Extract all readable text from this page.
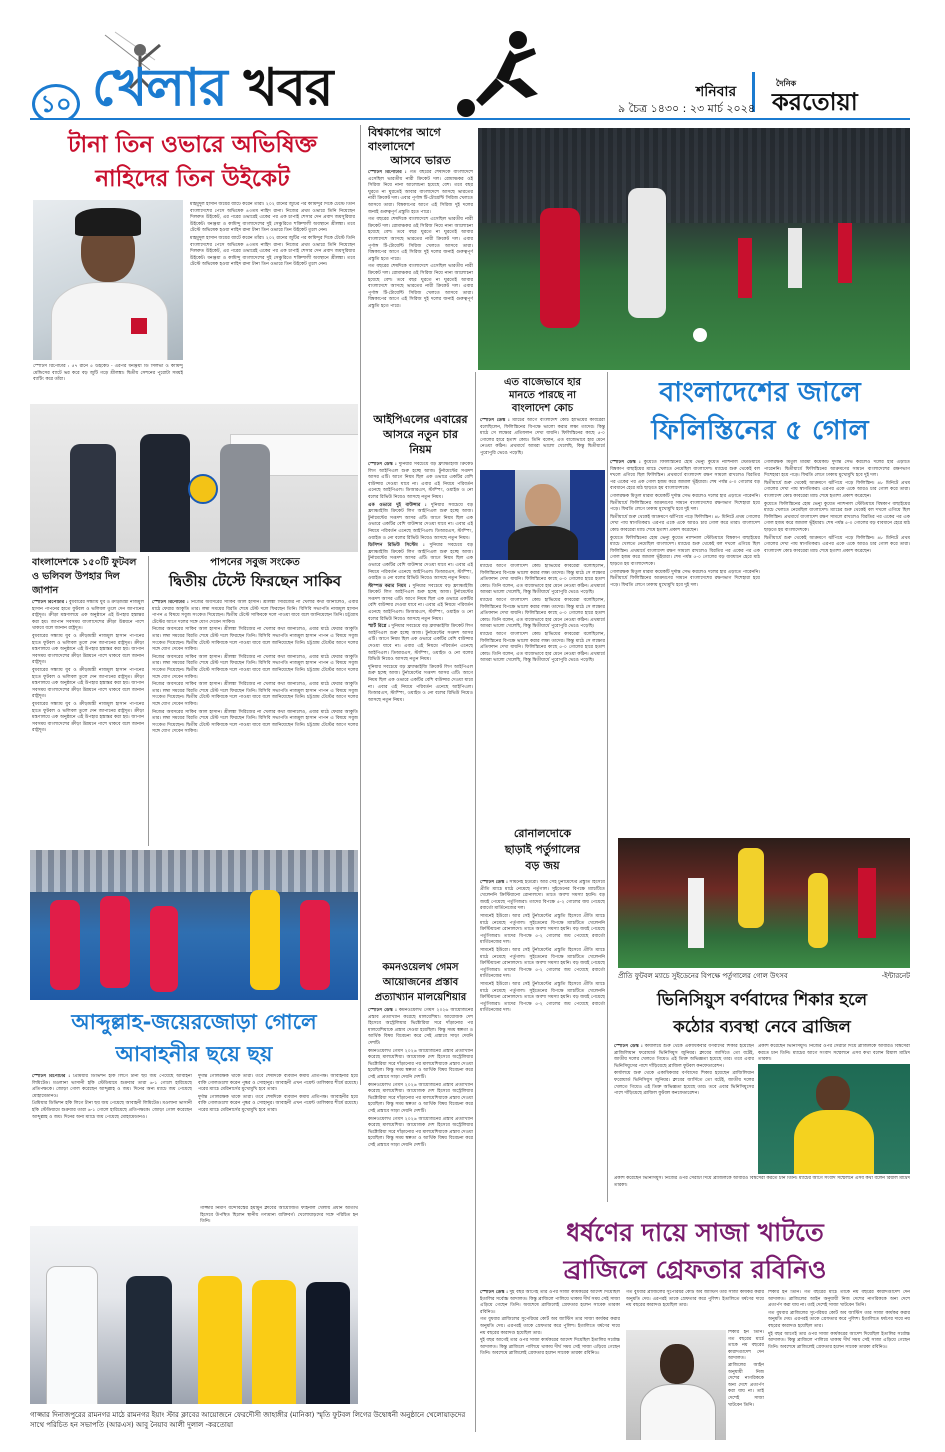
১০ খেলার খবর	শনিবার
৯ চৈত্র ১৪৩০ : ২৩ মার্চ ২০২৪
দৈনিক
করতোয়া
টানা তিন ওভারে অভিষিক্ত
নাহিদের তিন উইকেট

মাহমুদুল হাসান জয়ের ব্যাটে করেন তাঁরা। ২০২ রানের জুটির পর কামিন্দুর দিকে টেস্টে তিনি বাংলাদেশের পেসে অভিষেক ৪৩তম নাহিদ রানা। নিজের প্রথম ওভারে তিনি নিয়েছেন দিলরুত উইকেট, এর পরের ওভারেই একের পর এক চাপাই শেসার দেন প্রবাদ জয়সুরিয়ার উইকেট। ধনঞ্জয়া ও কামিন্দু বাংলাদেশের দুই সেঞ্চুরিতে শক্তিশালী অবস্থানে শ্রীলঙ্কা। তবে টেস্টে অভিষেক হওয়া নাহিদ রানা টানা তিন ওভারে তিন উইকেট তুলে নেন।

মাহমুদুল হাসান জয়ের ব্যাটে করেন তাঁরা। ২০২ রানের জুটির পর কামিন্দুর দিকে টেস্টে তিনি বাংলাদেশের পেসে অভিষেক ৪৩তম নাহিদ রানা। নিজের প্রথম ওভারে তিনি নিয়েছেন দিলরুত উইকেট, এর পরের ওভারেই একের পর এক চাপাই শেসার দেন প্রবাদ জয়সুরিয়ার উইকেট। ধনঞ্জয়া ও কামিন্দু বাংলাদেশের দুই সেঞ্চুরিতে শক্তিশালী অবস্থানে শ্রীলঙ্কা। তবে টেস্টে অভিষেক হওয়া নাহিদ রানা টানা তিন ওভারে তিন উইকেট তুলে নেন।

স্পোর্টস রিপোর্টার : ৫৭ রানে ৫ উইকেট - এরপর ধনঞ্জয়া ডি সিলভা ও কামিন্দু মেন্ডিসের ব্যাটে ভর করে বড় জুটি গড়ে শ্রীলঙ্কা। দ্বিতীয় সেশনের পুরোটা সময়ই ব্যাটিং করে তাঁরা।

বিশ্বকাপের আগে
বাংলাদেশে
আসবে ভারত

স্পোর্টস রিপোর্টার : গত বছরের শেষদিকে বাংলাদেশে এসেছিল ভারতীয় নারী ক্রিকেট দল। রোমাঞ্চকর ওই সিরিজ নিয়ে নানা আলোচনা হয়েছে বেশ। তবে বছর ঘুরতে না ঘুরতেই আবার বাংলাদেশে আসছে ভারতের নারী ক্রিকেট দল। এবার পূর্ণাঙ্গ টি-টোয়েন্টি সিরিজ খেলতে আসবে তারা। বিশ্বকাপের আগে এই সিরিজ দুই দলের জন্যই গুরুত্বপূর্ণ প্রস্তুতি হতে পারে।

গত বছরের শেষদিকে বাংলাদেশে এসেছিল ভারতীয় নারী ক্রিকেট দল। রোমাঞ্চকর ওই সিরিজ নিয়ে নানা আলোচনা হয়েছে বেশ। তবে বছর ঘুরতে না ঘুরতেই আবার বাংলাদেশে আসছে ভারতের নারী ক্রিকেট দল। এবার পূর্ণাঙ্গ টি-টোয়েন্টি সিরিজ খেলতে আসবে তারা। বিশ্বকাপের আগে এই সিরিজ দুই দলের জন্যই গুরুত্বপূর্ণ প্রস্তুতি হতে পারে।

গত বছরের শেষদিকে বাংলাদেশে এসেছিল ভারতীয় নারী ক্রিকেট দল। রোমাঞ্চকর ওই সিরিজ নিয়ে নানা আলোচনা হয়েছে বেশ। তবে বছর ঘুরতে না ঘুরতেই আবার বাংলাদেশে আসছে ভারতের নারী ক্রিকেট দল। এবার পূর্ণাঙ্গ টি-টোয়েন্টি সিরিজ খেলতে আসবে তারা। বিশ্বকাপের আগে এই সিরিজ দুই দলের জন্যই গুরুত্বপূর্ণ প্রস্তুতি হতে পারে।

আইপিএলের এবারের
আসরে নতুন চার
নিয়ম

স্পোর্টস ডেস্ক : দুনিয়ার সবচেয়ে বড় ফ্র্যাঞ্চাইজি ক্রিকেট লিগ আইপিএল শুরু হচ্ছে আজ। টুর্নামেন্টের সপ্তদশ আসর এটি। আগে নিয়ম ছিল এক ওভারে একটির বেশি বাউন্সার দেওয়া যাবে না। এবার এই নিয়মে পরিবর্তন এনেছে আইপিএল। ডিআরএস, স্টাম্পিং, ওয়াইড ও নো বলের রিভিউ নিয়েও আসছে নতুন নিয়ম।

এক ওভারে দুই বাউন্সার : দুনিয়ার সবচেয়ে বড় ফ্র্যাঞ্চাইজি ক্রিকেট লিগ আইপিএল শুরু হচ্ছে আজ। টুর্নামেন্টের সপ্তদশ আসর এটি। আগে নিয়ম ছিল এক ওভারে একটির বেশি বাউন্সার দেওয়া যাবে না। এবার এই নিয়মে পরিবর্তন এনেছে আইপিএল। ডিআরএস, স্টাম্পিং, ওয়াইড ও নো বলের রিভিউ নিয়েও আসছে নতুন নিয়ম।

ডিসিশন রিভিউ সিস্টেম : দুনিয়ার সবচেয়ে বড় ফ্র্যাঞ্চাইজি ক্রিকেট লিগ আইপিএল শুরু হচ্ছে আজ। টুর্নামেন্টের সপ্তদশ আসর এটি। আগে নিয়ম ছিল এক ওভারে একটির বেশি বাউন্সার দেওয়া যাবে না। এবার এই নিয়মে পরিবর্তন এনেছে আইপিএল। ডিআরএস, স্টাম্পিং, ওয়াইড ও নো বলের রিভিউ নিয়েও আসছে নতুন নিয়ম।

স্টাম্পড করার নিয়ম : দুনিয়ার সবচেয়ে বড় ফ্র্যাঞ্চাইজি ক্রিকেট লিগ আইপিএল শুরু হচ্ছে আজ। টুর্নামেন্টের সপ্তদশ আসর এটি। আগে নিয়ম ছিল এক ওভারে একটির বেশি বাউন্সার দেওয়া যাবে না। এবার এই নিয়মে পরিবর্তন এনেছে আইপিএল। ডিআরএস, স্টাম্পিং, ওয়াইড ও নো বলের রিভিউ নিয়েও আসছে নতুন নিয়ম।

স্মার্ট রিপ্লে : দুনিয়ার সবচেয়ে বড় ফ্র্যাঞ্চাইজি ক্রিকেট লিগ আইপিএল শুরু হচ্ছে আজ। টুর্নামেন্টের সপ্তদশ আসর এটি। আগে নিয়ম ছিল এক ওভারে একটির বেশি বাউন্সার দেওয়া যাবে না। এবার এই নিয়মে পরিবর্তন এনেছে আইপিএল। ডিআরএস, স্টাম্পিং, ওয়াইড ও নো বলের রিভিউ নিয়েও আসছে নতুন নিয়ম।

দুনিয়ার সবচেয়ে বড় ফ্র্যাঞ্চাইজি ক্রিকেট লিগ আইপিএল শুরু হচ্ছে আজ। টুর্নামেন্টের সপ্তদশ আসর এটি। আগে নিয়ম ছিল এক ওভারে একটির বেশি বাউন্সার দেওয়া যাবে না। এবার এই নিয়মে পরিবর্তন এনেছে আইপিএল। ডিআরএস, স্টাম্পিং, ওয়াইড ও নো বলের রিভিউ নিয়েও আসছে নতুন নিয়ম।

কমনওয়েলথ গেমস
আয়োজনের প্রস্তাব
প্রত্যাখ্যান মালয়েশিয়ার

স্পোর্টস ডেস্ক : কমনওয়েলথ গেমস ২০২৬ আয়োজনের প্রস্তাব প্রত্যাখ্যান করেছে মালয়েশিয়া। আয়োজক দেশ হিসেবে অস্ট্রেলিয়ার ভিক্টোরিয়া সরে দাঁড়ানোর পর মালয়েশিয়াকে প্রস্তাব দেওয়া হয়েছিল। কিন্তু সময় স্বল্পতা ও আর্থিক বিষয় বিবেচনা করে সেই প্রস্তাবে সাড়া দেয়নি দেশটি।

কমনওয়েলথ গেমস ২০২৬ আয়োজনের প্রস্তাব প্রত্যাখ্যান করেছে মালয়েশিয়া। আয়োজক দেশ হিসেবে অস্ট্রেলিয়ার ভিক্টোরিয়া সরে দাঁড়ানোর পর মালয়েশিয়াকে প্রস্তাব দেওয়া হয়েছিল। কিন্তু সময় স্বল্পতা ও আর্থিক বিষয় বিবেচনা করে সেই প্রস্তাবে সাড়া দেয়নি দেশটি।

কমনওয়েলথ গেমস ২০২৬ আয়োজনের প্রস্তাব প্রত্যাখ্যান করেছে মালয়েশিয়া। আয়োজক দেশ হিসেবে অস্ট্রেলিয়ার ভিক্টোরিয়া সরে দাঁড়ানোর পর মালয়েশিয়াকে প্রস্তাব দেওয়া হয়েছিল। কিন্তু সময় স্বল্পতা ও আর্থিক বিষয় বিবেচনা করে সেই প্রস্তাবে সাড়া দেয়নি দেশটি।

কমনওয়েলথ গেমস ২০২৬ আয়োজনের প্রস্তাব প্রত্যাখ্যান করেছে মালয়েশিয়া। আয়োজক দেশ হিসেবে অস্ট্রেলিয়ার ভিক্টোরিয়া সরে দাঁড়ানোর পর মালয়েশিয়াকে প্রস্তাব দেওয়া হয়েছিল। কিন্তু সময় স্বল্পতা ও আর্থিক বিষয় বিবেচনা করে সেই প্রস্তাবে সাড়া দেয়নি দেশটি।

এত বাজেভাবে হার
মানতে পারছে না
বাংলাদেশ কোচ

স্পোর্টস ডেস্ক : ম্যাচের আগে বাংলাদেশ কোচ হাভিয়ের কাবরেরা বলেছিলেন, ফিলিস্তিনের বিপক্ষে ভালো করার লক্ষ্য তাদের। কিন্তু মাঠে সে লক্ষ্যের প্রতিফলন দেখা যায়নি। ফিলিস্তিনের কাছে ৫-০ গোলের হারে হতাশ কোচ। তিনি বলেন, এত বাজেভাবে হার মেনে নেওয়া কঠিন। প্রথমার্ধে আমরা ভালো খেলেছি, কিন্তু দ্বিতীয়ার্ধে পুরোপুরি ভেঙে পড়েছি।

ম্যাচের আগে বাংলাদেশ কোচ হাভিয়ের কাবরেরা বলেছিলেন, ফিলিস্তিনের বিপক্ষে ভালো করার লক্ষ্য তাদের। কিন্তু মাঠে সে লক্ষ্যের প্রতিফলন দেখা যায়নি। ফিলিস্তিনের কাছে ৫-০ গোলের হারে হতাশ কোচ। তিনি বলেন, এত বাজেভাবে হার মেনে নেওয়া কঠিন। প্রথমার্ধে আমরা ভালো খেলেছি, কিন্তু দ্বিতীয়ার্ধে পুরোপুরি ভেঙে পড়েছি।

ম্যাচের আগে বাংলাদেশ কোচ হাভিয়ের কাবরেরা বলেছিলেন, ফিলিস্তিনের বিপক্ষে ভালো করার লক্ষ্য তাদের। কিন্তু মাঠে সে লক্ষ্যের প্রতিফলন দেখা যায়নি। ফিলিস্তিনের কাছে ৫-০ গোলের হারে হতাশ কোচ। তিনি বলেন, এত বাজেভাবে হার মেনে নেওয়া কঠিন। প্রথমার্ধে আমরা ভালো খেলেছি, কিন্তু দ্বিতীয়ার্ধে পুরোপুরি ভেঙে পড়েছি।

ম্যাচের আগে বাংলাদেশ কোচ হাভিয়ের কাবরেরা বলেছিলেন, ফিলিস্তিনের বিপক্ষে ভালো করার লক্ষ্য তাদের। কিন্তু মাঠে সে লক্ষ্যের প্রতিফলন দেখা যায়নি। ফিলিস্তিনের কাছে ৫-০ গোলের হারে হতাশ কোচ। তিনি বলেন, এত বাজেভাবে হার মেনে নেওয়া কঠিন। প্রথমার্ধে আমরা ভালো খেলেছি, কিন্তু দ্বিতীয়ার্ধে পুরোপুরি ভেঙে পড়েছি।

রোনালদোকে
ছাড়াই পর্তুগালের
বড় জয়

স্পোর্টস ডেস্ক : সামনেই ইউরো। আর সেই টুর্নামেন্টের প্রস্তুতি হিসেবে প্রীতি ম্যাচে মাঠে নেমেছে পর্তুগাল। সুইডেনের বিপক্ষে ম্যাচটিতে খেলেননি ক্রিস্টিয়ানো রোনালদো। তাতে অবশ্য সমস্যা হয়নি। বড় জয়ই পেয়েছে পর্তুগিজরা। তাদের বিপক্ষে ৫-২ গোলের জয় পেয়েছে রবার্তো মার্তিনেজের দল।

সামনেই ইউরো। আর সেই টুর্নামেন্টের প্রস্তুতি হিসেবে প্রীতি ম্যাচে মাঠে নেমেছে পর্তুগাল। সুইডেনের বিপক্ষে ম্যাচটিতে খেলেননি ক্রিস্টিয়ানো রোনালদো। তাতে অবশ্য সমস্যা হয়নি। বড় জয়ই পেয়েছে পর্তুগিজরা। তাদের বিপক্ষে ৫-২ গোলের জয় পেয়েছে রবার্তো মার্তিনেজের দল।

সামনেই ইউরো। আর সেই টুর্নামেন্টের প্রস্তুতি হিসেবে প্রীতি ম্যাচে মাঠে নেমেছে পর্তুগাল। সুইডেনের বিপক্ষে ম্যাচটিতে খেলেননি ক্রিস্টিয়ানো রোনালদো। তাতে অবশ্য সমস্যা হয়নি। বড় জয়ই পেয়েছে পর্তুগিজরা। তাদের বিপক্ষে ৫-২ গোলের জয় পেয়েছে রবার্তো মার্তিনেজের দল।

সামনেই ইউরো। আর সেই টুর্নামেন্টের প্রস্তুতি হিসেবে প্রীতি ম্যাচে মাঠে নেমেছে পর্তুগাল। সুইডেনের বিপক্ষে ম্যাচটিতে খেলেননি ক্রিস্টিয়ানো রোনালদো। তাতে অবশ্য সমস্যা হয়নি। বড় জয়ই পেয়েছে পর্তুগিজরা। তাদের বিপক্ষে ৫-২ গোলের জয় পেয়েছে রবার্তো মার্তিনেজের দল।

বাংলাদেশের জালে
ফিলিস্তিনের ৫ গোল

স্পোর্টস ডেস্ক : কুয়েতে ফিলিস্তিনের হোম ভেন্যু কুয়েত ন্যাশনাল স্টেডিয়ামে বিশ্বকাপ বাছাইয়ের ম্যাচে খেলতে নেমেছিল বাংলাদেশ। ম্যাচের শুরু থেকেই বল দখলে এগিয়ে ছিল ফিলিস্তিন। প্রথমার্ধে বাংলাদেশ রক্ষণ সামলে রাখলেও বিরতির পর একের পর এক গোল হজম করে জামাল ভূঁইয়ারা। শেষ পর্যন্ত ৫-০ গোলের বড় ব্যবধানে হেরে মাঠ ছাড়তে হয় বাংলাদেশকে।

গোলরক্ষক মিতুল মারমা কয়েকটি দুর্দান্ত সেভ করলেও দলের হার এড়াতে পারেননি। দ্বিতীয়ার্ধে ফিলিস্তিনের আক্রমণের সামনে বাংলাদেশের রক্ষণভাগ দিশেহারা হয়ে পড়ে। ফিরতি লেগে ঢাকায় মুখোমুখি হবে দুই দল।

দ্বিতীয়ার্ধে শুরু থেকেই আক্রমণে ঝাঁপিয়ে পড়ে ফিলিস্তিন। ৪৮ মিনিটে প্রথম গোলের দেখা পায় স্বাগতিকরা। এরপর একে একে আরও চার গোল করে তারা। বাংলাদেশ কোচ কাবরেরা ম্যাচ শেষে হতাশা প্রকাশ করেছেন।

কুয়েতে ফিলিস্তিনের হোম ভেন্যু কুয়েত ন্যাশনাল স্টেডিয়ামে বিশ্বকাপ বাছাইয়ের ম্যাচে খেলতে নেমেছিল বাংলাদেশ। ম্যাচের শুরু থেকেই বল দখলে এগিয়ে ছিল ফিলিস্তিন। প্রথমার্ধে বাংলাদেশ রক্ষণ সামলে রাখলেও বিরতির পর একের পর এক গোল হজম করে জামাল ভূঁইয়ারা। শেষ পর্যন্ত ৫-০ গোলের বড় ব্যবধানে হেরে মাঠ ছাড়তে হয় বাংলাদেশকে।

গোলরক্ষক মিতুল মারমা কয়েকটি দুর্দান্ত সেভ করলেও দলের হার এড়াতে পারেননি। দ্বিতীয়ার্ধে ফিলিস্তিনের আক্রমণের সামনে বাংলাদেশের রক্ষণভাগ দিশেহারা হয়ে পড়ে। ফিরতি লেগে ঢাকায় মুখোমুখি হবে দুই দল।

গোলরক্ষক মিতুল মারমা কয়েকটি দুর্দান্ত সেভ করলেও দলের হার এড়াতে পারেননি। দ্বিতীয়ার্ধে ফিলিস্তিনের আক্রমণের সামনে বাংলাদেশের রক্ষণভাগ দিশেহারা হয়ে পড়ে। ফিরতি লেগে ঢাকায় মুখোমুখি হবে দুই দল।

দ্বিতীয়ার্ধে শুরু থেকেই আক্রমণে ঝাঁপিয়ে পড়ে ফিলিস্তিন। ৪৮ মিনিটে প্রথম গোলের দেখা পায় স্বাগতিকরা। এরপর একে একে আরও চার গোল করে তারা। বাংলাদেশ কোচ কাবরেরা ম্যাচ শেষে হতাশা প্রকাশ করেছেন।

কুয়েতে ফিলিস্তিনের হোম ভেন্যু কুয়েত ন্যাশনাল স্টেডিয়ামে বিশ্বকাপ বাছাইয়ের ম্যাচে খেলতে নেমেছিল বাংলাদেশ। ম্যাচের শুরু থেকেই বল দখলে এগিয়ে ছিল ফিলিস্তিন। প্রথমার্ধে বাংলাদেশ রক্ষণ সামলে রাখলেও বিরতির পর একের পর এক গোল হজম করে জামাল ভূঁইয়ারা। শেষ পর্যন্ত ৫-০ গোলের বড় ব্যবধানে হেরে মাঠ ছাড়তে হয় বাংলাদেশকে।

দ্বিতীয়ার্ধে শুরু থেকেই আক্রমণে ঝাঁপিয়ে পড়ে ফিলিস্তিন। ৪৮ মিনিটে প্রথম গোলের দেখা পায় স্বাগতিকরা। এরপর একে একে আরও চার গোল করে তারা। বাংলাদেশ কোচ কাবরেরা ম্যাচ শেষে হতাশা প্রকাশ করেছেন।

প্রীতি ফুটবল ম্যাচে সুইডেনের বিপক্ষে পর্তুগালের গোল উৎসব	-ইন্টারনেট
ভিনিসিয়ুস বর্ণবাদের শিকার হলে
কঠোর ব্যবস্থা নেবে ব্রাজিল

স্পোর্টস ডেস্ক : কার্যালয়ে শুরু থেকে একাধিকবার বর্ণবাদের শিকার হয়েছেন ব্রাজিলিয়ান ফরোয়ার্ড ভিনিসিয়ুস জুনিয়র। ক্লাবের জার্সিতে তো বটেই, জাতীয় দলের খেলতে গিয়েও এই তিক্ত অভিজ্ঞতা হয়েছে তার। তবে এবার ভিনিসিয়ুসের পাশে দাঁড়িয়েছে ব্রাজিল ফুটবল কনফেডারেশন।

কার্যালয়ে শুরু থেকে একাধিকবার বর্ণবাদের শিকার হয়েছেন ব্রাজিলিয়ান ফরোয়ার্ড ভিনিসিয়ুস জুনিয়র। ক্লাবের জার্সিতে তো বটেই, জাতীয় দলের খেলতে গিয়েও এই তিক্ত অভিজ্ঞতা হয়েছে তার। তবে এবার ভিনিসিয়ুসের পাশে দাঁড়িয়েছে ব্রাজিল ফুটবল কনফেডারেশন।

প্রকাশ করেছেন ভিনিসিয়ুস। নিজের ওপর সেরাটা দিয়ে ব্রাজিলকে আবারও বিশ্বসেরা করতে চান তিনি। ম্যাচের আগে সংবাদ সম্মেলনে এসব কথা বলেন রিয়াল মাদ্রিদ তারকা।

প্রকাশ করেছেন ভিনিসিয়ুস। নিজের ওপর সেরাটা দিয়ে ব্রাজিলকে আবারও বিশ্বসেরা করতে চান তিনি। ম্যাচের আগে সংবাদ সম্মেলনে এসব কথা বলেন রিয়াল মাদ্রিদ তারকা।

ধর্ষণের দায়ে সাজা খাটতে
ব্রাজিলে গ্রেফতার রবিনিও

স্পোর্টস ডেস্ক : দুই বছর আগেই তার ওপর সাজা কার্যকরের আদেশ দিয়েছিল ইতালির সর্বোচ্চ আদালত। কিন্তু ব্রাজিলে পালিয়ে থাকায় দীর্ঘ সময় সেই সাজা এড়িয়ে গেছেন তিনি। অবশেষে ব্রাজিলেই গ্রেফতার হলেন সাবেক তারকা রবিনিও।

গত বুধবার ব্রাজিলের সুপেরিয়র কোর্ট অব জাস্টিস তার সাজা কার্যকর করার অনুমতি দেয়। এরপরই তাকে গ্রেফতার করে পুলিশ। ইতালিতে ধর্ষণের দায়ে নয় বছরের কারাদণ্ড হয়েছিল তার।

দুই বছর আগেই তার ওপর সাজা কার্যকরের আদেশ দিয়েছিল ইতালির সর্বোচ্চ আদালত। কিন্তু ব্রাজিলে পালিয়ে থাকায় দীর্ঘ সময় সেই সাজা এড়িয়ে গেছেন তিনি। অবশেষে ব্রাজিলেই গ্রেফতার হলেন সাবেক তারকা রবিনিও।

গত বুধবার ব্রাজিলের সুপেরিয়র কোর্ট অব জাস্টিস তার সাজা কার্যকর করার অনুমতি দেয়। এরপরই তাকে গ্রেফতার করে পুলিশ। ইতালিতে ধর্ষণের দায়ে নয় বছরের কারাদণ্ড হয়েছিল তার।

শিকার হন তিনি। গত বছরের মার্চে তাকে নয় বছরের কারাদণ্ডাদেশ দেন আদালত। ব্রাজিলের আইন অনুযায়ী নিজ দেশের নাগরিককে অন্য দেশে প্রত্যর্পণ করা যায় না। তাই দেশেই সাজা খাটবেন তিনি।

শিকার হন তিনি। গত বছরের মার্চে তাকে নয় বছরের কারাদণ্ডাদেশ দেন আদালত। ব্রাজিলের আইন অনুযায়ী নিজ দেশের নাগরিককে অন্য দেশে প্রত্যর্পণ করা যায় না। তাই দেশেই সাজা খাটবেন তিনি।

গত বুধবার ব্রাজিলের সুপেরিয়র কোর্ট অব জাস্টিস তার সাজা কার্যকর করার অনুমতি দেয়। এরপরই তাকে গ্রেফতার করে পুলিশ। ইতালিতে ধর্ষণের দায়ে নয় বছরের কারাদণ্ড হয়েছিল তার।

দুই বছর আগেই তার ওপর সাজা কার্যকরের আদেশ দিয়েছিল ইতালির সর্বোচ্চ আদালত। কিন্তু ব্রাজিলে পালিয়ে থাকায় দীর্ঘ সময় সেই সাজা এড়িয়ে গেছেন তিনি। অবশেষে ব্রাজিলেই গ্রেফতার হলেন সাবেক তারকা রবিনিও।

বাংলাদেশকে ১৫০টি ফুটবল ও ভলিবল উপহার দিল জাপান

স্পোর্টস রিপোর্টার : বুধবারের সন্ধ্যায় যুব ও ক্রীড়ামন্ত্রী নাজমুল হাসান পাপনের হাতে ফুটবল ও ভলিবল তুলে দেন জাপানের রাষ্ট্রদূত। ক্রীড়া মন্ত্রণালয়ে এক অনুষ্ঠানে এই উপহার হস্তান্তর করা হয়। জাপান সবসময় বাংলাদেশের ক্রীড়া উন্নয়নে পাশে থাকবে বলে জানান রাষ্ট্রদূত।

বুধবারের সন্ধ্যায় যুব ও ক্রীড়ামন্ত্রী নাজমুল হাসান পাপনের হাতে ফুটবল ও ভলিবল তুলে দেন জাপানের রাষ্ট্রদূত। ক্রীড়া মন্ত্রণালয়ে এক অনুষ্ঠানে এই উপহার হস্তান্তর করা হয়। জাপান সবসময় বাংলাদেশের ক্রীড়া উন্নয়নে পাশে থাকবে বলে জানান রাষ্ট্রদূত।

বুধবারের সন্ধ্যায় যুব ও ক্রীড়ামন্ত্রী নাজমুল হাসান পাপনের হাতে ফুটবল ও ভলিবল তুলে দেন জাপানের রাষ্ট্রদূত। ক্রীড়া মন্ত্রণালয়ে এক অনুষ্ঠানে এই উপহার হস্তান্তর করা হয়। জাপান সবসময় বাংলাদেশের ক্রীড়া উন্নয়নে পাশে থাকবে বলে জানান রাষ্ট্রদূত।

বুধবারের সন্ধ্যায় যুব ও ক্রীড়ামন্ত্রী নাজমুল হাসান পাপনের হাতে ফুটবল ও ভলিবল তুলে দেন জাপানের রাষ্ট্রদূত। ক্রীড়া মন্ত্রণালয়ে এক অনুষ্ঠানে এই উপহার হস্তান্তর করা হয়। জাপান সবসময় বাংলাদেশের ক্রীড়া উন্নয়নে পাশে থাকবে বলে জানান রাষ্ট্রদূত।

পাপনের সবুজ সংকেত
দ্বিতীয় টেস্টে ফিরছেন সাকিব

স্পোর্টস রিপোর্টার : নিজের অবসরের সাকিব আল হাসান। শ্রীলঙ্কা সিরিজের না খেলার কথা জানালেও, এবার মাঠে ফেরার আকুতি তার। লম্বা সময়ের বিরতি শেষে টেস্ট দলে ফিরছেন তিনি। বিসিবি সভাপতি নাজমুল হাসান পাপন এ বিষয়ে সবুজ সংকেত দিয়েছেন। দ্বিতীয় টেস্টে সাকিবকে দলে পাওয়া যাবে বলে জানিয়েছেন তিনি। চট্টগ্রাম টেস্টের আগে দলের সঙ্গে যোগ দেবেন সাকিব।

নিজের অবসরের সাকিব আল হাসান। শ্রীলঙ্কা সিরিজের না খেলার কথা জানালেও, এবার মাঠে ফেরার আকুতি তার। লম্বা সময়ের বিরতি শেষে টেস্ট দলে ফিরছেন তিনি। বিসিবি সভাপতি নাজমুল হাসান পাপন এ বিষয়ে সবুজ সংকেত দিয়েছেন। দ্বিতীয় টেস্টে সাকিবকে দলে পাওয়া যাবে বলে জানিয়েছেন তিনি। চট্টগ্রাম টেস্টের আগে দলের সঙ্গে যোগ দেবেন সাকিব।

নিজের অবসরের সাকিব আল হাসান। শ্রীলঙ্কা সিরিজের না খেলার কথা জানালেও, এবার মাঠে ফেরার আকুতি তার। লম্বা সময়ের বিরতি শেষে টেস্ট দলে ফিরছেন তিনি। বিসিবি সভাপতি নাজমুল হাসান পাপন এ বিষয়ে সবুজ সংকেত দিয়েছেন। দ্বিতীয় টেস্টে সাকিবকে দলে পাওয়া যাবে বলে জানিয়েছেন তিনি। চট্টগ্রাম টেস্টের আগে দলের সঙ্গে যোগ দেবেন সাকিব।

নিজের অবসরের সাকিব আল হাসান। শ্রীলঙ্কা সিরিজের না খেলার কথা জানালেও, এবার মাঠে ফেরার আকুতি তার। লম্বা সময়ের বিরতি শেষে টেস্ট দলে ফিরছেন তিনি। বিসিবি সভাপতি নাজমুল হাসান পাপন এ বিষয়ে সবুজ সংকেত দিয়েছেন। দ্বিতীয় টেস্টে সাকিবকে দলে পাওয়া যাবে বলে জানিয়েছেন তিনি। চট্টগ্রাম টেস্টের আগে দলের সঙ্গে যোগ দেবেন সাকিব।

নিজের অবসরের সাকিব আল হাসান। শ্রীলঙ্কা সিরিজের না খেলার কথা জানালেও, এবার মাঠে ফেরার আকুতি তার। লম্বা সময়ের বিরতি শেষে টেস্ট দলে ফিরছেন তিনি। বিসিবি সভাপতি নাজমুল হাসান পাপন এ বিষয়ে সবুজ সংকেত দিয়েছেন। দ্বিতীয় টেস্টে সাকিবকে দলে পাওয়া যাবে বলে জানিয়েছেন তিনি। চট্টগ্রাম টেস্টের আগে দলের সঙ্গে যোগ দেবেন সাকিব।

আব্দুল্লাহ-জয়েরজোড়া গোলে
আবাহনীর ছয়ে ছয়

স্পোর্টস রিপোর্টার : প্রিমিয়ার ডিভিশন হকি লিগে টানা ছয় জয় পেয়েছে আবাহনী লিমিটেড। মওলানা ভাসানী হকি স্টেডিয়ামে শুক্রবার তারা ৬-১ গোলে হারিয়েছে প্রতিপক্ষকে। জোড়া গোল করেছেন আব্দুল্লাহ ও জয়। দিনের অন্য ম্যাচে জয় পেয়েছে মোহামেডানও।

প্রিমিয়ার ডিভিশন হকি লিগে টানা ছয় জয় পেয়েছে আবাহনী লিমিটেড। মওলানা ভাসানী হকি স্টেডিয়ামে শুক্রবার তারা ৬-১ গোলে হারিয়েছে প্রতিপক্ষকে। জোড়া গোল করেছেন আব্দুল্লাহ ও জয়। দিনের অন্য ম্যাচে জয় পেয়েছে মোহামেডানও।

দুর্দান্ত গোলরক্ষক থাকে তারা। তবে শেষদিকে ব্যবধান কমায় প্রতিপক্ষ। আবাহনীর হয়ে বাকি গোলগুলো করেন পুষ্কর ও সোহানুর। আবাহনী এখন পয়েন্ট তালিকার শীর্ষে রয়েছে। পরের ম্যাচে মেরিনার্সের মুখোমুখি হবে তারা।

দুর্দান্ত গোলরক্ষক থাকে তারা। তবে শেষদিকে ব্যবধান কমায় প্রতিপক্ষ। আবাহনীর হয়ে বাকি গোলগুলো করেন পুষ্কর ও সোহানুর। আবাহনী এখন পয়েন্ট তালিকার শীর্ষে রয়েছে। পরের ম্যাচে মেরিনার্সের মুখোমুখি হবে তারা।

গাজ্জার নির্মাণ বন্দোবস্তের ইয়ামুন ক্লাবের আয়োজিত ফাইনাল খেলায় প্রধান অতিথি হিসেবে উপস্থিত ছিলেন স্থানীয় গণ্যমান্য ব্যক্তিবর্গ। খেলোয়াড়দের সঙ্গে পরিচিত হন তিনি।

গাজ্জার দিনাজপুরের রামনগর মাঠে রামনগর ইয়াং স্টার ক্লাবের আয়োজনে ফেরদৌসী জাহাঙ্গীর (মানিকা) স্মৃতি ফুটবল লিগের উদ্বোধনী অনুষ্ঠানে খেলোয়াড়দের সাথে পরিচিত হন সভাপতি (আরএস) আবু নৈয়াব আলী দুলাল -করতোয়া
